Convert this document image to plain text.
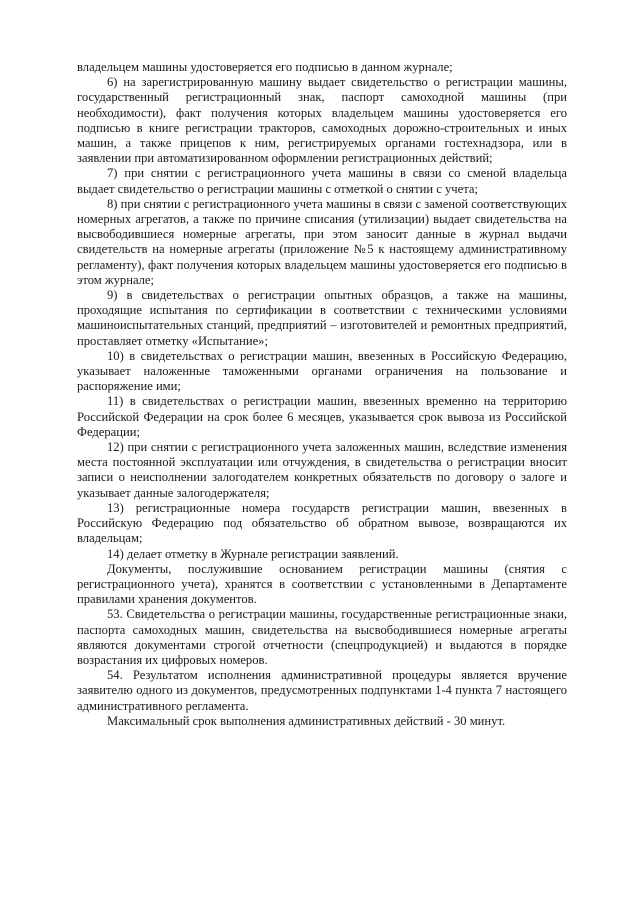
владельцем машины удостоверяется его подписью в данном журнале;

6) на зарегистрированную машину выдает свидетельство о регистрации машины, государственный регистрационный знак, паспорт самоходной машины (при необходимости), факт получения которых владельцем машины удостоверяется его подписью в книге регистрации тракторов, самоходных дорожно-строительных и иных машин, а также прицепов к ним, регистрируемых органами гостехнадзора, или в заявлении при автоматизированном оформлении регистрационных действий;

7) при снятии с регистрационного учета машины в связи со сменой владельца выдает свидетельство о регистрации машины с отметкой о снятии с учета;

8) при снятии с регистрационного учета машины в связи с заменой соответствующих номерных агрегатов, а также по причине списания (утилизации) выдает свидетельства на высвободившиеся номерные агрегаты, при этом заносит данные в журнал выдачи свидетельств на номерные агрегаты (приложение №5 к настоящему административному регламенту), факт получения которых владельцем машины удостоверяется его подписью в этом журнале;

9) в свидетельствах о регистрации опытных образцов, а также на машины, проходящие испытания по сертификации в соответствии с техническими условиями машиноиспытательных станций, предприятий – изготовителей и ремонтных предприятий, проставляет отметку «Испытание»;

10) в свидетельствах о регистрации машин, ввезенных в Российскую Федерацию, указывает наложенные таможенными органами ограничения на пользование и распоряжение ими;

11) в свидетельствах о регистрации машин, ввезенных временно на территорию Российской Федерации на срок более 6 месяцев, указывается срок вывоза из Российской Федерации;

12) при снятии с регистрационного учета заложенных машин, вследствие изменения места постоянной эксплуатации или отчуждения, в свидетельства о регистрации вносит записи о неисполнении залогодателем конкретных обязательств по договору о залоге и указывает данные залогодержателя;

13) регистрационные номера государств регистрации машин, ввезенных в Российскую Федерацию под обязательство об обратном вывозе, возвращаются их владельцам;

14) делает отметку в Журнале регистрации заявлений.

Документы, послужившие основанием регистрации машины (снятия с регистрационного учета), хранятся в соответствии с установленными в Департаменте правилами хранения документов.

53. Свидетельства о регистрации машины, государственные регистрационные знаки, паспорта самоходных машин, свидетельства на высвободившиеся номерные агрегаты являются документами строгой отчетности (спецпродукцией) и выдаются в порядке возрастания их цифровых номеров.

54. Результатом исполнения административной процедуры является вручение заявителю одного из документов, предусмотренных подпунктами 1-4 пункта 7 настоящего административного регламента.

Максимальный срок выполнения административных действий - 30 минут.
